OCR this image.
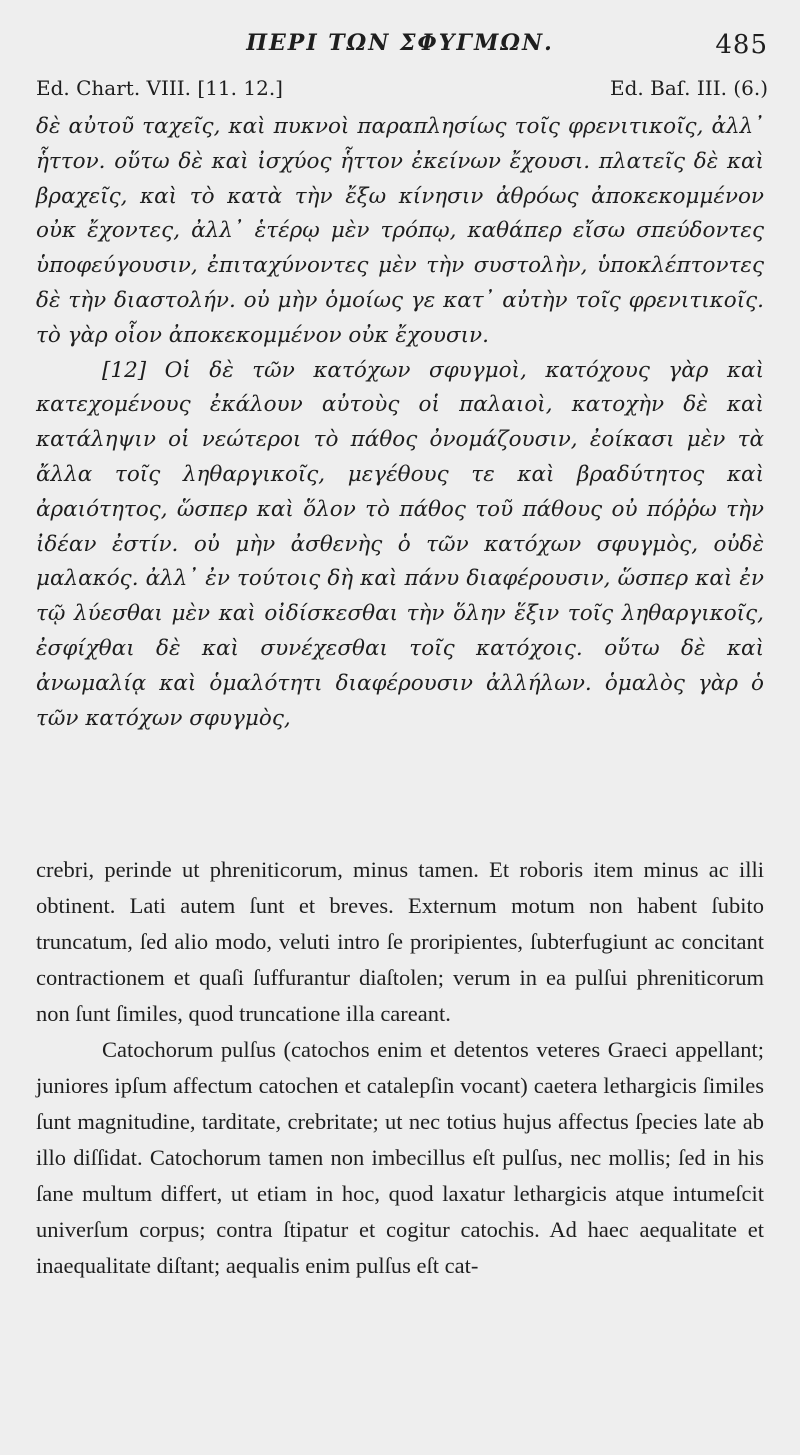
ΠΕΡΙ ΤΩΝ ΣΦΥΓΜΩΝ.	485
Ed. Chart. VIII. [11. 12.]	Ed. Baſ. III. (6.)

δὲ αὐτοῦ ταχεῖς, καὶ πυκνοὶ παραπλησίως τοῖς φρενιτικοῖς, ἀλλ᾽ ἧττον. οὕτω δὲ καὶ ἰσχύος ἧττον ἐκείνων ἔχουσι. πλατεῖς δὲ καὶ βραχεῖς, καὶ τὸ κατὰ τὴν ἔξω κίνησιν ἀθρόως ἀποκεκομμένον οὐκ ἔχοντες, ἀλλ᾽ ἑτέρῳ μὲν τρόπῳ, καθάπερ εἴσω σπεύδοντες ὑποφεύγουσιν, ἐπιταχύνοντες μὲν τὴν συστολὴν, ὑποκλέπτοντες δὲ τὴν διαστολήν. οὐ μὴν ὁμοίως γε κατ᾽ αὐτὴν τοῖς φρενιτικοῖς. τὸ γὰρ οἷον ἀποκεκομμένον οὐκ ἔχουσιν.

[12] Οἱ δὲ τῶν κατόχων σφυγμοὶ, κατόχους γὰρ καὶ κατεχομένους ἐκάλουν αὐτοὺς οἱ παλαιοὶ, κατοχὴν δὲ καὶ κατάληψιν οἱ νεώτεροι τὸ πάθος ὀνομάζουσιν, ἐοίκασι μὲν τὰ ἄλλα τοῖς ληθαργικοῖς, μεγέθους τε καὶ βραδύτητος καὶ ἀραιότητος, ὥσπερ καὶ ὅλον τὸ πάθος τοῦ πάθους οὐ πόῤῥω τὴν ἰδέαν ἐστίν. οὐ μὴν ἀσθενὴς ὁ τῶν κατόχων σφυγμὸς, οὐδὲ μαλακός. ἀλλ᾽ ἐν τούτοις δὴ καὶ πάνυ διαφέρουσιν, ὥσπερ καὶ ἐν τῷ λύεσθαι μὲν καὶ οἰδίσκεσθαι τὴν ὅλην ἕξιν τοῖς ληθαργικοῖς, ἐσφίχθαι δὲ καὶ συνέχεσθαι τοῖς κατόχοις. οὕτω δὲ καὶ ἀνωμαλίᾳ καὶ ὁμαλότητι διαφέρουσιν ἀλλήλων. ὁμαλὸς γὰρ ὁ τῶν κατόχων σφυγμὸς,

crebri, perinde ut phreniticorum, minus tamen. Et roboris item minus ac illi obtinent. Lati autem ſunt et breves. Externum motum non habent ſubito truncatum, ſed alio modo, veluti intro ſe proripientes, ſubterfugiunt ac concitant contractionem et quaſi ſuffurantur diaſtolen; verum in ea pulſui phreniticorum non ſunt ſimiles, quod truncatione illa careant.

Catochorum pulſus (catochos enim et detentos veteres Graeci appellant; juniores ipſum affectum catochen et catalepſin vocant) caetera lethargicis ſimiles ſunt magnitudine, tarditate, crebritate; ut nec totius hujus affectus ſpecies late ab illo diſſidat. Catochorum tamen non imbecillus eſt pulſus, nec mollis; ſed in his ſane multum differt, ut etiam in hoc, quod laxatur lethargicis atque intumeſcit univerſum corpus; contra ſtipatur et cogitur catochis. Ad haec aequalitate et inaequalitate diſtant; aequalis enim pulſus eſt cat-
